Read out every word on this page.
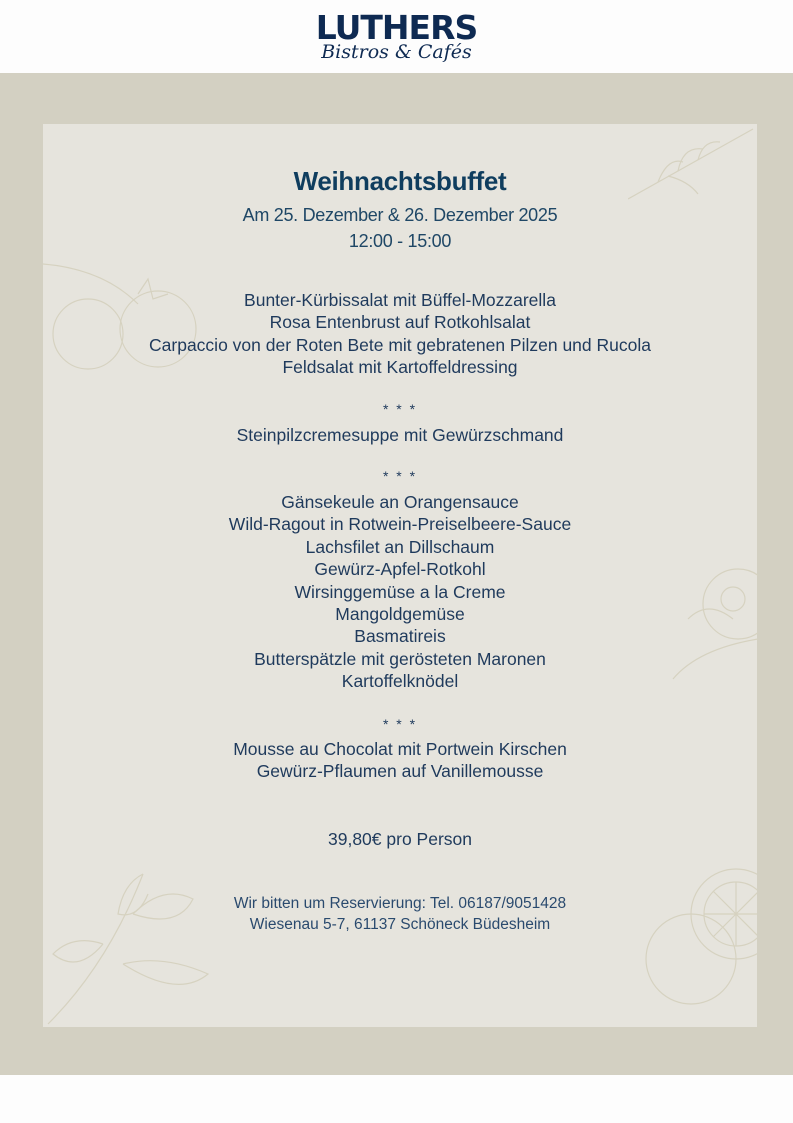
LUTHERS
Bistros & Cafés
Weihnachtsbuffet
Am 25. Dezember & 26. Dezember 2025
12:00 - 15:00
Bunter-Kürbissalat mit Büffel-Mozzarella
Rosa Entenbrust auf Rotkohlsalat
Carpaccio von der Roten Bete mit gebratenen Pilzen und Rucola
Feldsalat mit Kartoffeldressing
* * *
Steinpilzcremesuppe mit Gewürzschmand
* * *
Gänsekeule an Orangensauce
Wild-Ragout in Rotwein-Preiselbeere-Sauce
Lachsfilet an Dillschaum
Gewürz-Apfel-Rotkohl
Wirsinggemüse a la Creme
Mangoldgemüse
Basmatireis
Butterspätzle mit gerösteten Maronen
Kartoffelknödel
* * *
Mousse au Chocolat mit Portwein Kirschen
Gewürz-Pflaumen auf Vanillemousse
39,80€ pro Person
Wir bitten um Reservierung: Tel. 06187/9051428
Wiesenau 5-7, 61137 Schöneck Büdesheim
